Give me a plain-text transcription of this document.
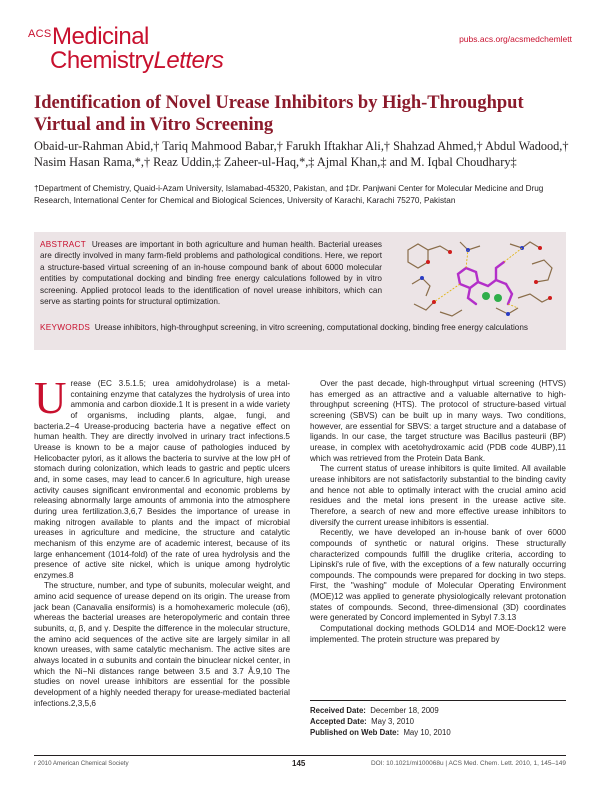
ACS Medicinal
ChemistryLetters
pubs.acs.org/acsmedchemlett
Identification of Novel Urease Inhibitors by High-Throughput Virtual and in Vitro Screening
Obaid-ur-Rahman Abid,† Tariq Mahmood Babar,† Farukh Iftakhar Ali,† Shahzad Ahmed,† Abdul Wadood,† Nasim Hasan Rama,*,† Reaz Uddin,‡ Zaheer-ul-Haq,*,‡ Ajmal Khan,‡ and M. Iqbal Choudhary‡
†Department of Chemistry, Quaid-i-Azam University, Islamabad-45320, Pakistan, and ‡Dr. Panjwani Center for Molecular Medicine and Drug Research, International Center for Chemical and Biological Sciences, University of Karachi, Karachi 75270, Pakistan
ABSTRACT Ureases are important in both agriculture and human health. Bacterial ureases are directly involved in many farm-field problems and pathological conditions. Here, we report a structure-based virtual screening of an in-house compound bank of about 6000 molecular entities by computational docking and binding free energy calculations followed by in vitro screening. Applied protocol leads to the identification of novel urease inhibitors, which can serve as starting points for structural optimization.
KEYWORDS Urease inhibitors, high-throughput screening, in vitro screening, computational docking, binding free energy calculations

Urease (EC 3.5.1.5; urea amidohydrolase) is a metal-containing enzyme that catalyzes the hydrolysis of urea into ammonia and carbon dioxide.1 It is present in a wide variety of organisms, including plants, algae, fungi, and bacteria.2−4 Urease-producing bacteria have a negative effect on human health. They are directly involved in urinary tract infections.5 Urease is known to be a major cause of pathologies induced by Helicobacter pylori, as it allows the bacteria to survive at the low pH of stomach during colonization, which leads to gastric and peptic ulcers and, in some cases, may lead to cancer.6 In agriculture, high urease activity causes significant environmental and economic problems by releasing abnormally large amounts of ammonia into the atmosphere during urea fertilization.3,6,7 Besides the importance of urease in making nitrogen available to plants and the impact of microbial ureases in agriculture and medicine, the structure and catalytic mechanism of this enzyme are of academic interest, because of its large enhancement (1014-fold) of the rate of urea hydrolysis and the presence of active site nickel, which is unique among hydrolytic enzymes.8

The structure, number, and type of subunits, molecular weight, and amino acid sequence of urease depend on its origin. The urease from jack bean (Canavalia ensiformis) is a homohexameric molecule (α6), whereas the bacterial ureases are heteropolymeric and contain three subunits, α, β, and γ. Despite the difference in the molecular structure, the amino acid sequences of the active site are largely similar in all known ureases, with same catalytic mechanism. The active sites are always located in α subunits and contain the binuclear nickel center, in which the Ni−Ni distances range between 3.5 and 3.7 Å.9,10 The studies on novel urease inhibitors are essential for the possible development of a highly needed therapy for urease-mediated bacterial infections.2,3,5,6

Over the past decade, high-throughput virtual screening (HTVS) has emerged as an attractive and a valuable alternative to high-throughput screening (HTS). The protocol of structure-based virtual screening (SBVS) can be built up in many ways. Two conditions, however, are essential for SBVS: a target structure and a database of ligands. In our case, the target structure was Bacillus pasteurii (BP) urease, in complex with acetohydroxamic acid (PDB code 4UBP),11 which was retrieved from the Protein Data Bank.

The current status of urease inhibitors is quite limited. All available urease inhibitors are not satisfactorily substantial to the binding cavity and hence not able to optimally interact with the crucial amino acid residues and the metal ions present in the urease active site. Therefore, a search of new and more effective urease inhibitors to diversify the current urease inhibitors is essential.

Recently, we have developed an in-house bank of over 6000 compounds of synthetic or natural origins. These structurally characterized compounds fulfill the druglike criteria, according to Lipinski's rule of five, with the exceptions of a few naturally occurring compounds. The compounds were prepared for docking in two steps. First, the "washing" module of Molecular Operating Environment (MOE)12 was applied to generate physiologically relevant protonation states of compounds. Second, three-dimensional (3D) coordinates were generated by Concord implemented in Sybyl 7.3.13

Computational docking methods GOLD14 and MOE-Dock12 were implemented. The protein structure was prepared by

Received Date: December 18, 2009
Accepted Date: May 3, 2010
Published on Web Date: May 10, 2010
r 2010 American Chemical Society	145	DOI: 10.1021/ml100068u | ACS Med. Chem. Lett. 2010, 1, 145–149
